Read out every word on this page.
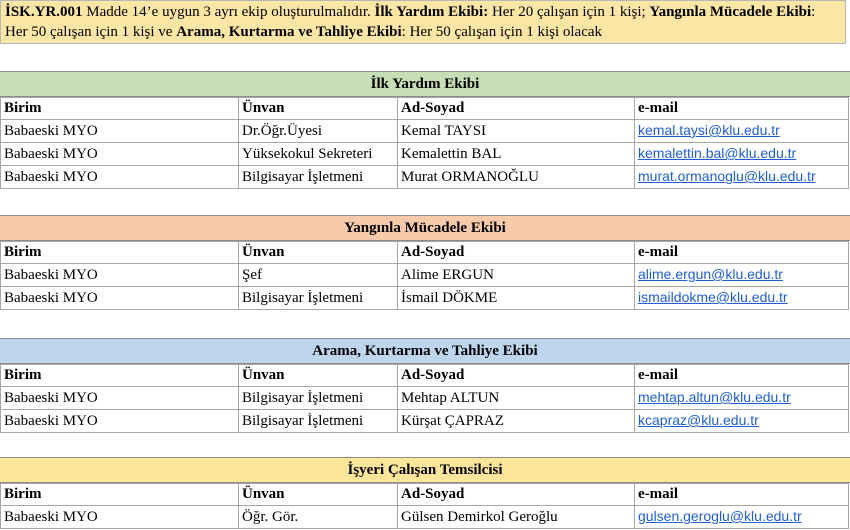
İSK.YR.001 Madde 14’e uygun 3 ayrı ekip oluşturulmalıdır. İlk Yardım Ekibi: Her 20 çalışan için 1 kişi; Yangınla Mücadele Ekibi: Her 50 çalışan için 1 kişi ve Arama, Kurtarma ve Tahliye Ekibi: Her 50 çalışan için 1 kişi olacak
İlk Yardım Ekibi
Birim	Ünvan	Ad-Soyad	e-mail
Babaeski MYO	Dr.Öğr.Üyesi	Kemal TAYSI	kemal.taysi@klu.edu.tr
Babaeski MYO	Yüksekokul Sekreteri	Kemalettin BAL	kemalettin.bal@klu.edu.tr
Babaeski MYO	Bilgisayar İşletmeni	Murat ORMANOĞLU	murat.ormanoglu@klu.edu.tr
Yangınla Mücadele Ekibi
Birim	Ünvan	Ad-Soyad	e-mail
Babaeski MYO	Şef	Alime ERGUN	alime.ergun@klu.edu.tr
Babaeski MYO	Bilgisayar İşletmeni	İsmail DÖKME	ismaildokme@klu.edu.tr
Arama, Kurtarma ve Tahliye Ekibi
Birim	Ünvan	Ad-Soyad	e-mail
Babaeski MYO	Bilgisayar İşletmeni	Mehtap ALTUN	mehtap.altun@klu.edu.tr
Babaeski MYO	Bilgisayar İşletmeni	Kürşat ÇAPRAZ	kcapraz@klu.edu.tr
İşyeri Çalışan Temsilcisi
Birim	Ünvan	Ad-Soyad	e-mail
Babaeski MYO	Öğr. Gör.	Gülsen Demirkol Geroğlu	gulsen.geroglu@klu.edu.tr
